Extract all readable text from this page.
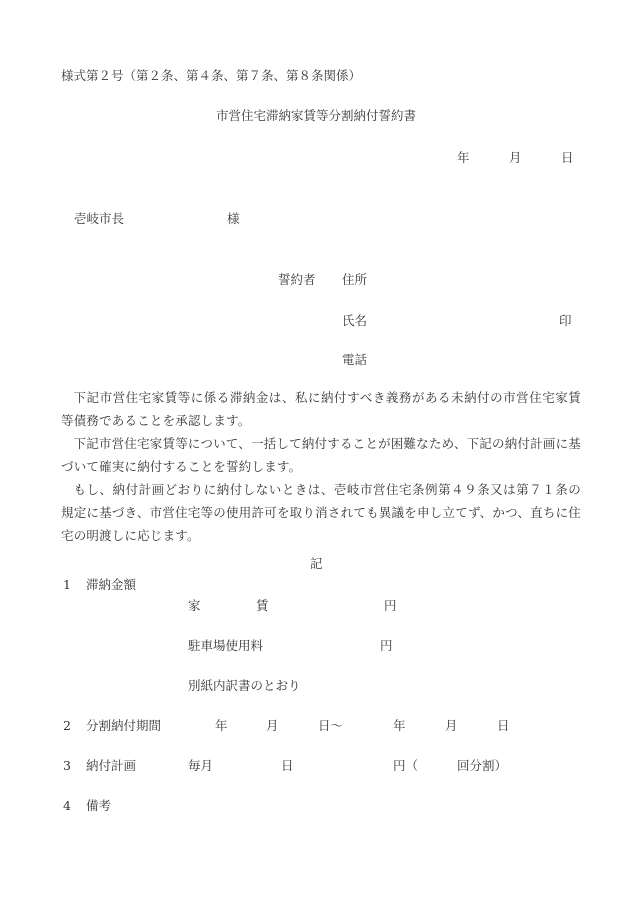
様式第２号（第２条、第４条、第７条、第８条関係）
市営住宅滞納家賃等分割納付誓約書
年	月	日
壱岐市長	様
誓約者 住所
氏名	印
電話

下記市営住宅家賃等に係る滞納金は、私に納付すべき義務がある未納付の市営住宅家賃等債務であることを承認します。

下記市営住宅家賃等について、一括して納付することが困難なため、下記の納付計画に基づいて確実に納付することを誓約します。

もし、納付計画どおりに納付しないときは、壱岐市営住宅条例第４９条又は第７１条の規定に基づき、市営住宅等の使用許可を取り消されても異議を申し立てず、かつ、直ちに住宅の明渡しに応じます。

記
1 滞納金額
家	賃	円
駐車場使用料	円
別紙内訳書のとおり
2 分割納付期間	年	月	日～	年	月	日
3 納付計画	毎月	日	円（	回分割）
4 備考
